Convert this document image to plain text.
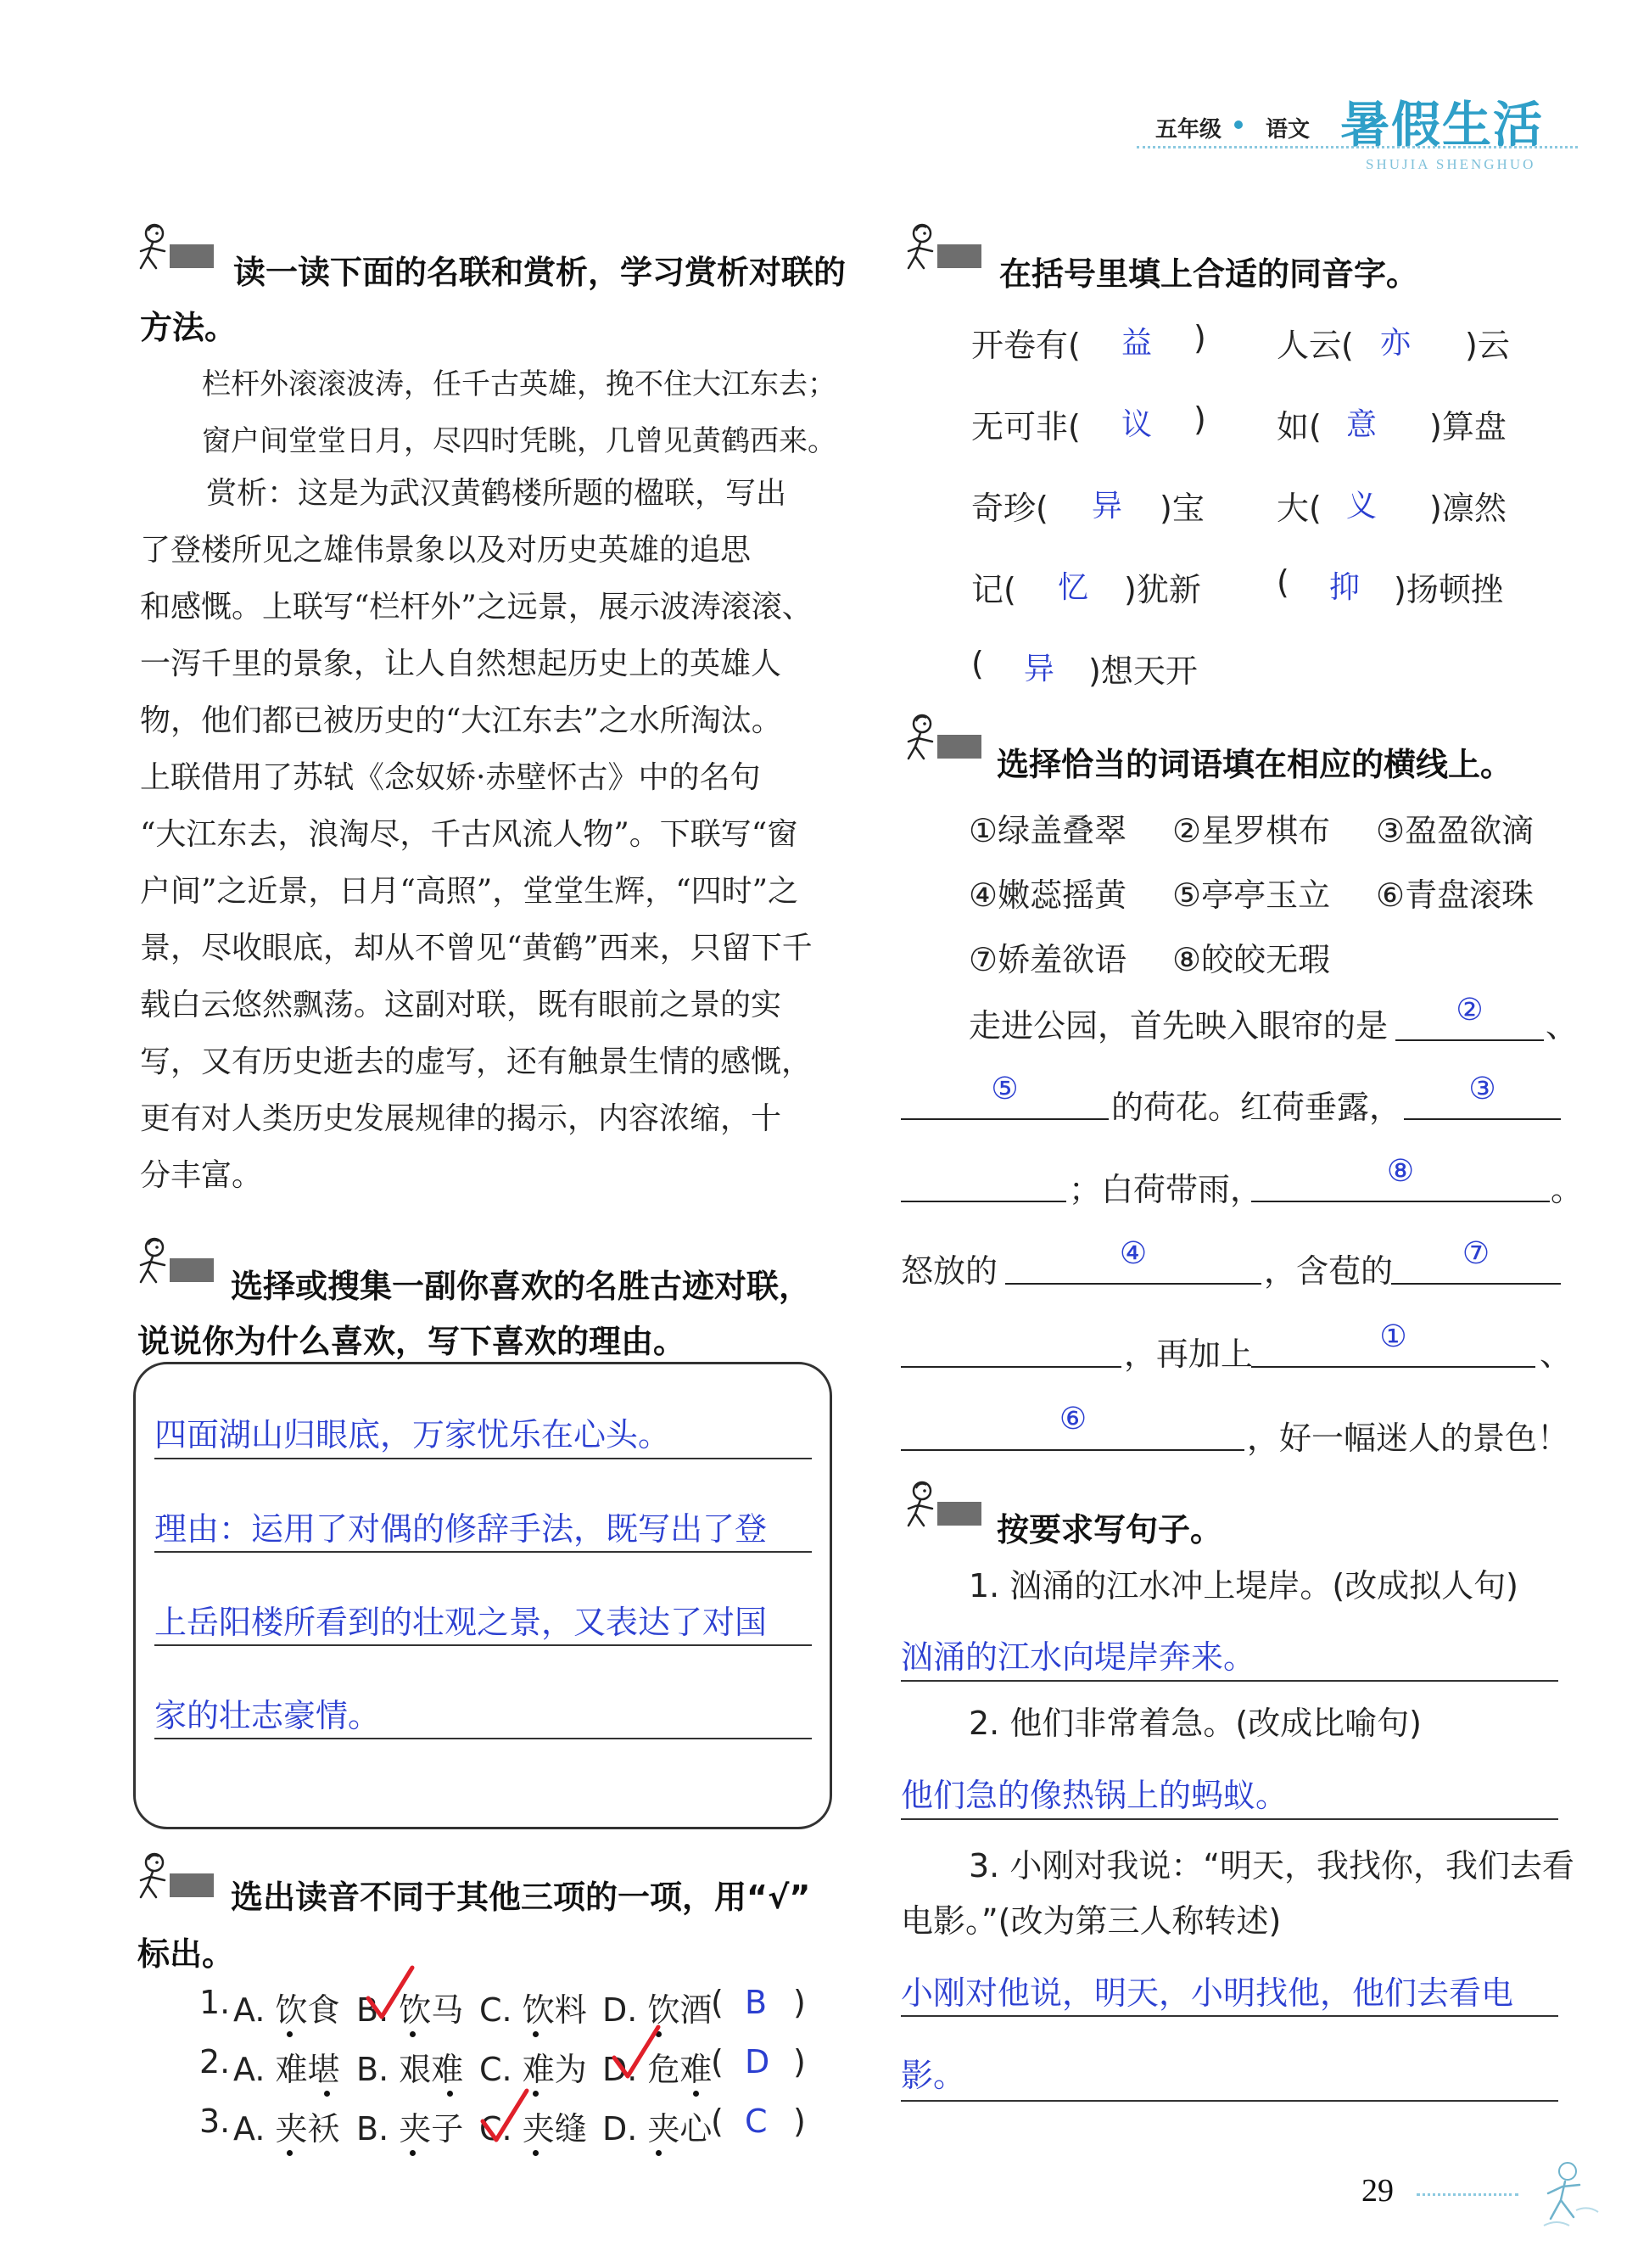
五年级 语文 暑假生活
SHUJIA SHENGHUO
读一读下面的名联和赏析，学习赏析对联的
方法。
栏杆外滚滚波涛，任千古英雄，挽不住大江东去；
窗户间堂堂日月，尽四时凭眺，几曾见黄鹤西来。
赏析：这是为武汉黄鹤楼所题的楹联，写出
了登楼所见之雄伟景象以及对历史英雄的追思
和感慨。上联写“栏杆外”之远景，展示波涛滚滚、
一泻千里的景象，让人自然想起历史上的英雄人
物，他们都已被历史的“大江东去”之水所淘汰。
上联借用了苏轼《念奴娇·赤壁怀古》中的名句
“大江东去，浪淘尽，千古风流人物”。下联写“窗
户间”之近景，日月“高照”，堂堂生辉，“四时”之
景，尽收眼底，却从不曾见“黄鹤”西来，只留下千
载白云悠然飘荡。这副对联，既有眼前之景的实
写，又有历史逝去的虚写，还有触景生情的感慨，
更有对人类历史发展规律的揭示，内容浓缩，十
分丰富。
选择或搜集一副你喜欢的名胜古迹对联，
说说你为什么喜欢，写下喜欢的理由。
四面湖山归眼底，万家忧乐在心头。
理由：运用了对偶的修辞手法，既写出了登
上岳阳楼所看到的壮观之景，又表达了对国
家的壮志豪情。
选出读音不同于其他三项的一项，用“√”
标出。
1. A. 饮食 B. 饮马 C. 饮料 D. 饮酒
( B )
2. A. 难堪 B. 艰难 C. 难为 D. 危难
( D )
3. A. 夹袄 B. 夹子 C. 夹缝 D. 夹心
( C )
在括号里填上合适的同音字。
开卷有(	益	) 人云( 亦	)云
无可非(	议	) 如( 意	)算盘
奇珍(	异	)宝 大( 义	)凛然
记(	忆	)犹新 (	抑	)扬顿挫
(	异	)想天开
选择恰当的词语填在相应的横线上。
①绿盖叠翠 ②星罗棋布 ③盈盈欲滴
④嫩蕊摇黄 ⑤亭亭玉立 ⑥青盘滚珠
⑦娇羞欲语 ⑧皎皎无瑕
走进公园，首先映入眼帘的是	②	、
⑤	的荷花。红荷垂露，	③
；白荷带雨，	⑧	。
怒放的	④	，含苞的	⑦
，再加上	①	、
⑥
，好一幅迷人的景色！
按要求写句子。
1. 汹涌的江水冲上堤岸。(改成拟人句)
汹涌的江水向堤岸奔来。
2. 他们非常着急。(改成比喻句)
他们急的像热锅上的蚂蚁。
3. 小刚对我说：“明天，我找你，我们去看
电影。”(改为第三人称转述)
小刚对他说，明天，小明找他，他们去看电
影。
29
